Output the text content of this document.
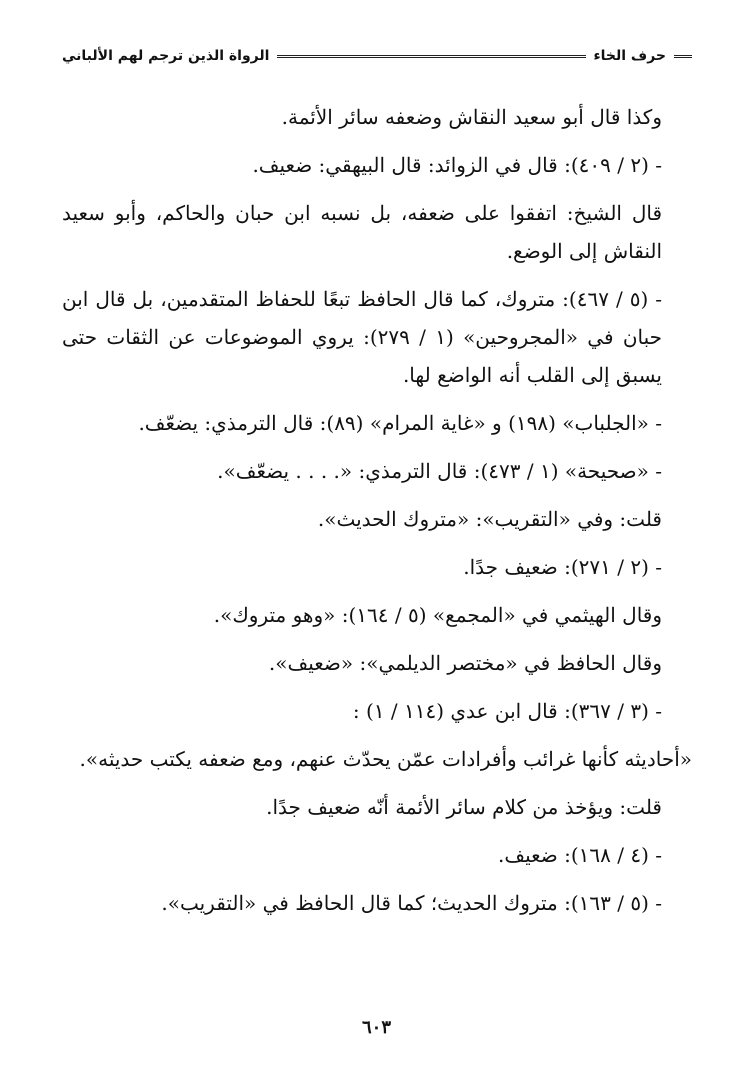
حرف الخاء
الرواة الذين ترجم لهم الألباني

وكذا قال أبو سعيد النقاش وضعفه سائر الأئمة.

- (٢ / ٤٠٩): قال في الزوائد: قال البيهقي: ضعيف.

قال الشيخ: اتفقوا على ضعفه، بل نسبه ابن حبان والحاكم، وأبو سعيد النقاش إلى الوضع.

- (٥ / ٤٦٧): متروك، كما قال الحافظ تبعًا للحفاظ المتقدمين، بل قال ابن حبان في «المجروحين» (١ / ٢٧٩): يروي الموضوعات عن الثقات حتى يسبق إلى القلب أنه الواضع لها.

- «الجلباب» (١٩٨) و «غاية المرام» (٨٩): قال الترمذي: يضعّف.

- «صحيحة» (١ / ٤٧٣): قال الترمذي: «. . . . يضعّف».

قلت: وفي «التقريب»: «متروك الحديث».

- (٢ / ٢٧١): ضعيف جدًا.

وقال الهيثمي في «المجمع» (٥ / ١٦٤): «وهو متروك».

وقال الحافظ في «مختصر الديلمي»: «ضعيف».

- (٣ / ٣٦٧): قال ابن عدي (١١٤ / ١) :

«أحاديثه كأنها غرائب وأفرادات عمّن يحدّث عنهم، ومع ضعفه يكتب حديثه».

قلت: ويؤخذ من كلام سائر الأئمة أنّه ضعيف جدًا.

- (٤ / ١٦٨): ضعيف.

- (٥ / ١٦٣): متروك الحديث؛ كما قال الحافظ في «التقريب».

٦٠٣
